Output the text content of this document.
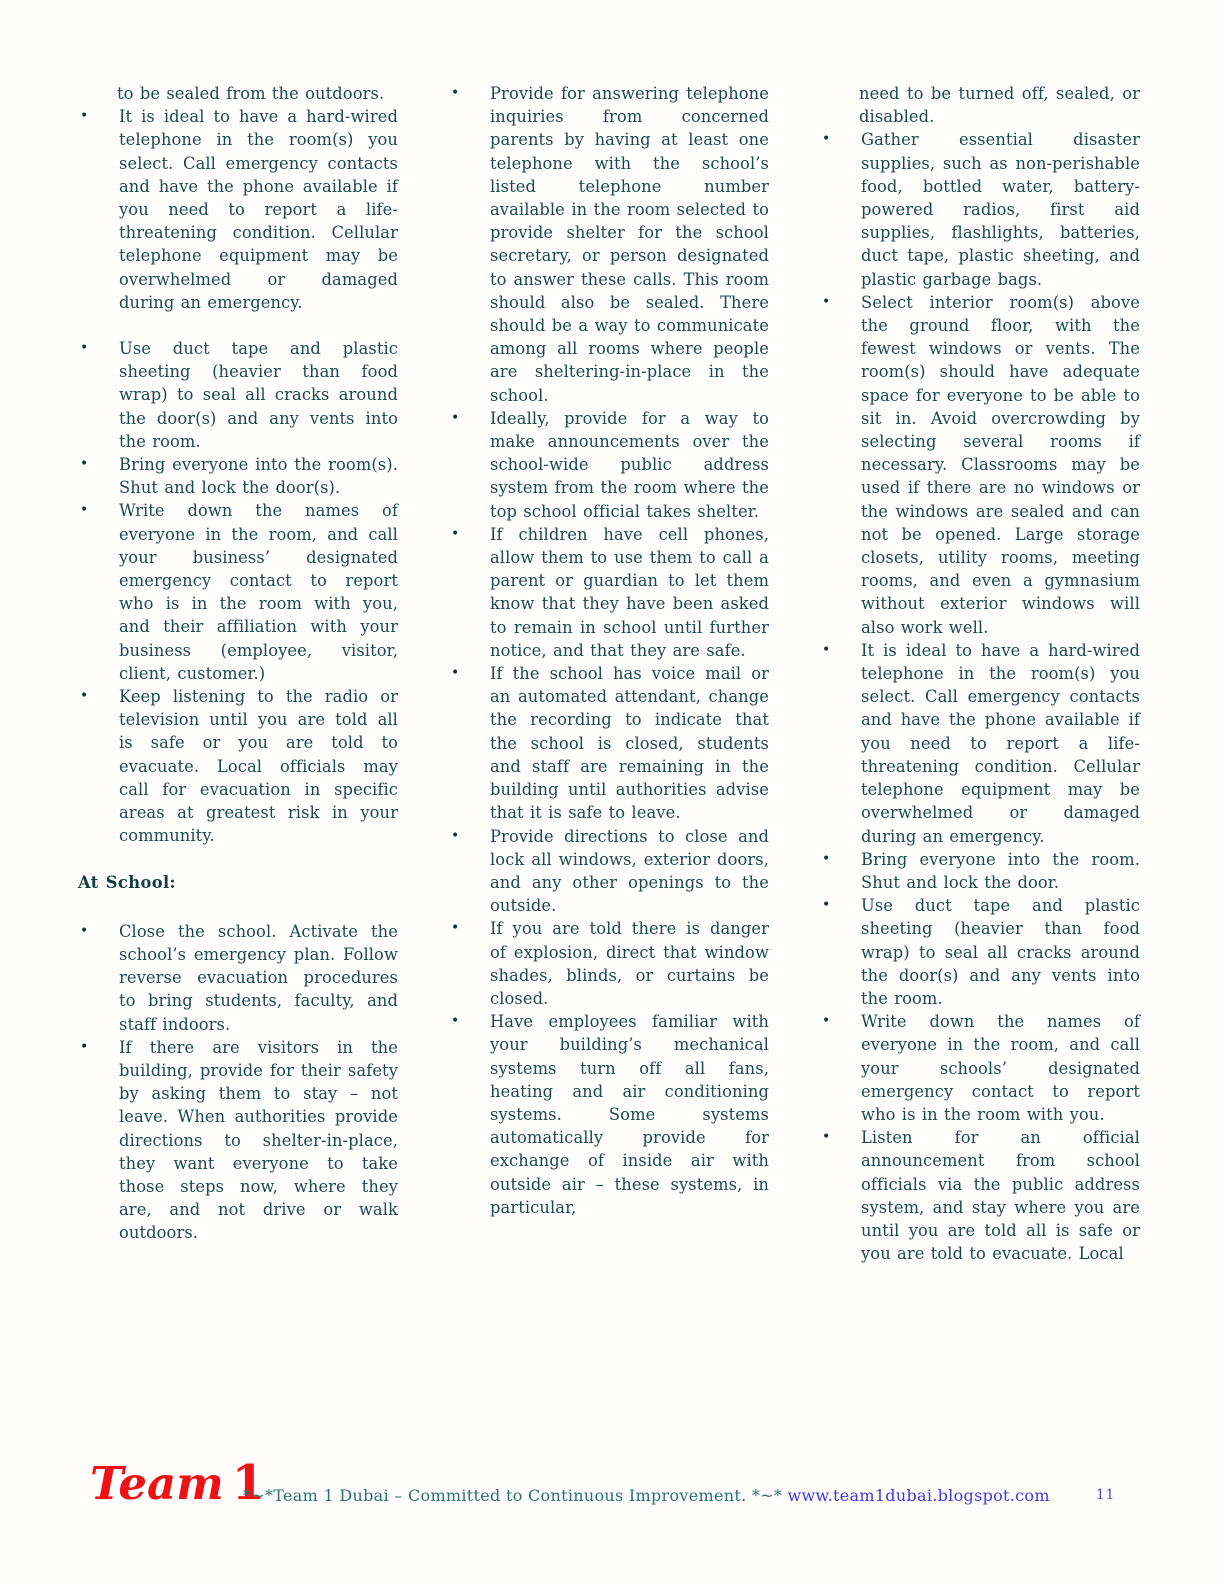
to be sealed from the outdoors.
•	It is ideal to have a hard-wired telephone in the room(s) you select. Call emergency contacts and have the phone available if you need to report a life-threatening condition. Cellular telephone equipment may be overwhelmed or damaged during an emergency.
•	Use duct tape and plastic sheeting (heavier than food wrap) to seal all cracks around the door(s) and any vents into the room.
•	Bring everyone into the room(s). Shut and lock the door(s).
•	Write down the names of everyone in the room, and call your business’ designated emergency contact to report who is in the room with you, and their affiliation with your business (employee, visitor, client, customer.)
•	Keep listening to the radio or television until you are told all is safe or you are told to evacuate. Local officials may call for evacuation in specific areas at greatest risk in your community.
At School:
•	Close the school. Activate the school’s emergency plan. Follow reverse evacuation procedures to bring students, faculty, and staff indoors.
•	If there are visitors in the building, provide for their safety by asking them to stay – not leave. When authorities provide directions to shelter-in-place, they want everyone to take those steps now, where they are, and not drive or walk outdoors.
•	Provide for answering telephone inquiries from concerned parents by having at least one telephone with the school’s listed telephone number available in the room selected to provide shelter for the school secretary, or person designated to answer these calls. This room should also be sealed. There should be a way to communicate among all rooms where people are sheltering-in-place in the school.
•	Ideally, provide for a way to make announcements over the school-wide public address system from the room where the top school official takes shelter.
•	If children have cell phones, allow them to use them to call a parent or guardian to let them know that they have been asked to remain in school until further notice, and that they are safe.
•	If the school has voice mail or an automated attendant, change the recording to indicate that the school is closed, students and staff are remaining in the building until authorities advise that it is safe to leave.
•	Provide directions to close and lock all windows, exterior doors, and any other openings to the outside.
•	If you are told there is danger of explosion, direct that window shades, blinds, or curtains be closed.
•	Have employees familiar with your building’s mechanical systems turn off all fans, heating and air conditioning systems. Some systems automatically provide for exchange of inside air with outside air – these systems, in particular,
need to be turned off, sealed, or disabled.
•	Gather essential disaster supplies, such as non-perishable food, bottled water, battery-powered radios, first aid supplies, flashlights, batteries, duct tape, plastic sheeting, and plastic garbage bags.
•	Select interior room(s) above the ground floor, with the fewest windows or vents. The room(s) should have adequate space for everyone to be able to sit in. Avoid overcrowding by selecting several rooms if necessary. Classrooms may be used if there are no windows or the windows are sealed and can not be opened. Large storage closets, utility rooms, meeting rooms, and even a gymnasium without exterior windows will also work well.
•	It is ideal to have a hard-wired telephone in the room(s) you select. Call emergency contacts and have the phone available if you need to report a life-threatening condition. Cellular telephone equipment may be overwhelmed or damaged during an emergency.
•	Bring everyone into the room. Shut and lock the door.
•	Use duct tape and plastic sheeting (heavier than food wrap) to seal all cracks around the door(s) and any vents into the room.
•	Write down the names of everyone in the room, and call your schools’ designated emergency contact to report who is in the room with you.
•	Listen for an official announcement from school officials via the public address system, and stay where you are until you are told all is safe or you are told to evacuate. Local
Team 1
*~*Team 1 Dubai – Committed to Continuous Improvement. *~* www.team1dubai.blogspot.com	11
